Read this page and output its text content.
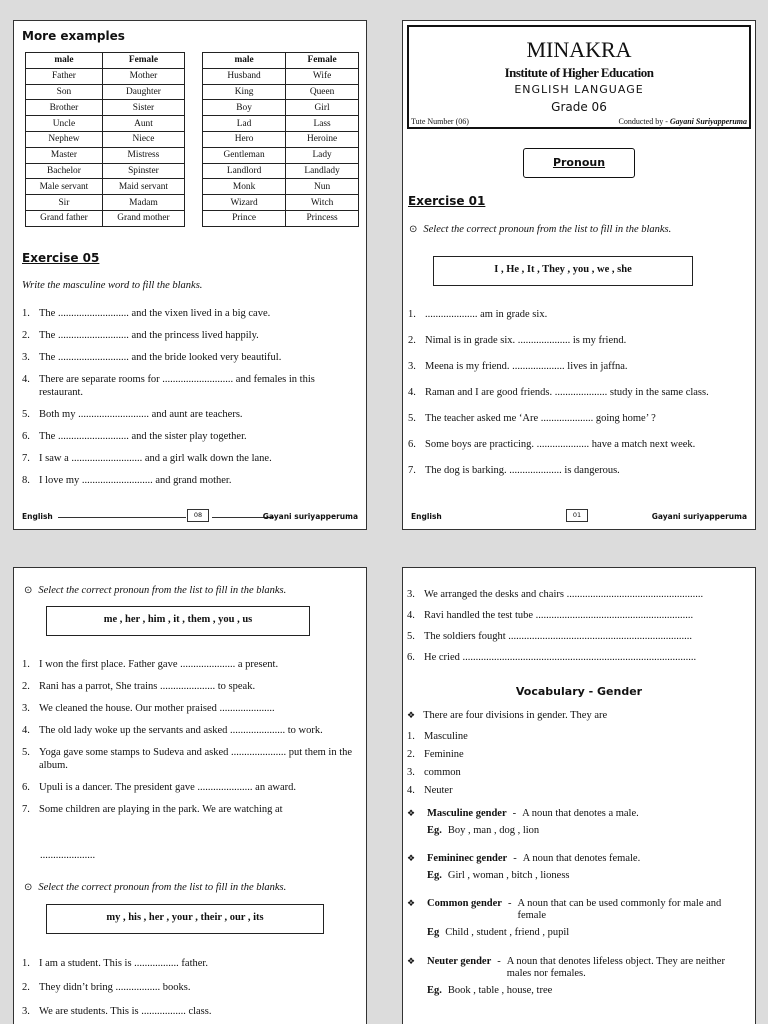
More examples
male	Female
Father	Mother
Son	Daughter
Brother	Sister
Uncle	Aunt
Nephew	Niece
Master	Mistress
Bachelor	Spinster
Male servant	Maid servant
Sir	Madam
Grand father	Grand mother
male	Female
Husband	Wife
King	Queen
Boy	Girl
Lad	Lass
Hero	Heroine
Gentleman	Lady
Landlord	Landlady
Monk	Nun
Wizard	Witch
Prince	Princess
Exercise 05
Write the masculine word to fill the blanks.
1. The ........................... and the vixen lived in a big cave.
2. The ........................... and the princess lived happily.
3. The ........................... and the bride looked very beautiful.
4. There are separate rooms for ........................... and females in this restaurant.
5. Both my ........................... and aunt are teachers.
6. The ........................... and the sister play together.
7. I saw a ........................... and a girl walk down the lane.
8. I love my ........................... and grand mother.
English	08	Gayani suriyapperuma
MINAKRA
Institute of Higher Education
ENGLISH LANGUAGE
Grade 06
Tute Number (06)	Conducted by - Gayani Suriyapperuma
Pronoun
Exercise 01
⊙ Select the correct pronoun from the list to fill in the blanks.
I , He , It , They , you , we , she
1. .................... am in grade six.
2. Nimal is in grade six. .................... is my friend.
3. Meena is my friend. .................... lives in jaffna.
4. Raman and I are good friends. .................... study in the same class.
5. The teacher asked me ‘Are .................... going home’ ?
6. Some boys are practicing. .................... have a match next week.
7. The dog is barking. .................... is dangerous.
English	01	Gayani suriyapperuma
⊙ Select the correct pronoun from the list to fill in the blanks.
me , her , him , it , them , you , us
1. I won the first place. Father gave ..................... a present.
2. Rani has a parrot, She trains ..................... to speak.
3. We cleaned the house. Our mother praised .....................
4. The old lady woke up the servants and asked ..................... to work.
5. Yoga gave some stamps to Sudeva and asked ..................... put them in the album.
6. Upuli is a dancer. The president gave ..................... an award.
7. Some children are playing in the park. We are watching at
.....................
⊙ Select the correct pronoun from the list to fill in the blanks.
my , his , her , your , their , our , its
1. I am a student. This is ................. father.
2. They didn’t bring ................. books.
3. We are students. This is ................. class.
3. We arranged the desks and chairs ....................................................
4. Ravi handled the test tube ............................................................
5. The soldiers fought ......................................................................
6. He cried .........................................................................................
Vocabulary - Gender
❖ There are four divisions in gender. They are
1. Masculine
2. Feminine
3. common
4. Neuter
❖ Masculine gender - A noun that denotes a male.
Eg. Boy , man , dog , lion
❖ Femininec gender - A noun that denotes female.
Eg. Girl , woman , bitch , lioness
❖ Common gender - A noun that can be used commonly for male and female
Eg Child , student , friend , pupil
❖ Neuter gender - A noun that denotes lifeless object. They are neither males nor females.
Eg. Book , table , house, tree
